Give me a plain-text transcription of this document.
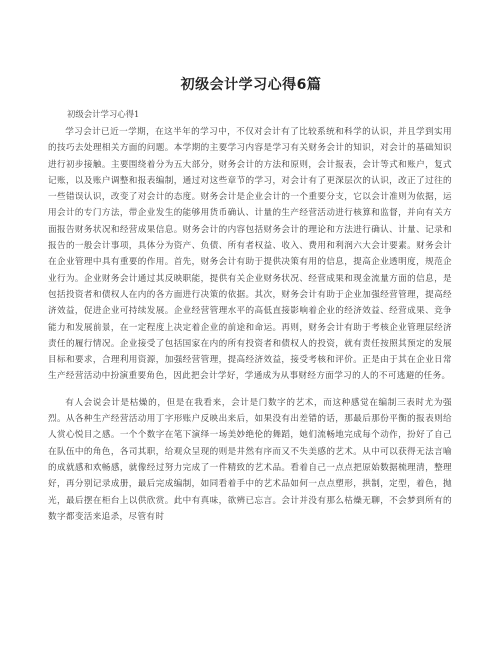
初级会计学习心得6篇
初级会计学习心得1

学习会计已近一学期，在这半年的学习中，不仅对会计有了比较系统和科学的认识，并且学到实用的技巧去处理相关方面的问题。本学期的主要学习内容是学习有关财务会计的知识，对会计的基础知识进行初步接触。主要围绕着分为五大部分，财务会计的方法和原则，会计报表，会计等式和账户，复式记账，以及账户调整和报表编制，通过对这些章节的学习，对会计有了更深层次的认识，改正了过往的一些错误认识，改变了对会计的态度。财务会计是企业会计的一个重要分支，它以会计准则为依据，运用会计的专门方法，带企业发生的能够用货币确认、计量的生产经营活动进行核算和监督，并向有关方面报告财务状况和经营成果信息。财务会计的内容包括财务会计的理论和方法进行确认、计量、记录和报告的一般会计事项，具体分为资产、负债、所有者权益、收入、费用和利润六大会计要素。财务会计在企业管理中具有重要的作用。首先，财务会计有助于提供决策有用的信息，提高企业透明度，规范企业行为。企业财务会计通过其反映职能，提供有关企业财务状况、经营成果和现金流量方面的信息，是包括投资者和债权人在内的各方面进行决策的依据。其次，财务会计有助于企业加强经营管理，提高经济效益，促进企业可持续发展。企业经营管理水平的高低直接影响着企业的经济效益、经营成果、竞争能力和发展前景，在一定程度上决定着企业的前途和命运。再则，财务会计有助于考核企业管理层经济责任的履行情况。企业接受了包括国家在内的所有投资者和债权人的投资，就有责任按照其预定的发展目标和要求，合理利用资源，加强经营管理，提高经济效益，接受考核和评价。正是由于其在企业日常生产经营活动中扮演重要角色，因此把会计学好，学通成为从事财经方面学习的人的不可逃避的任务。

有人会说会计是枯燥的，但是在我看来，会计是门数字的艺术，而这种感觉在编制三表时尤为强烈。从各种生产经营活动用丁字形账户反映出来后，如果没有出差错的话，那最后那份平衡的报表则给人赏心悦目之感。一个个数字在笔下演绎一场美妙绝伦的舞蹈，她们流畅地完成每个动作，扮好了自己在队伍中的角色，各司其职，给观众呈现的则是井然有序而又不失美感的艺术。从中可以获得无法言喻的成就感和欢畅感，就像经过努力完成了一件精致的艺术品。看着自己一点点把原始数据梳理清，整理好，再分别记录成册，最后完成编制，如同看着手中的艺术品如何一点点塑形，拱制，定型，着色，抛光，最后摆在柜台上以供欣赏。此中有真味，欲辨已忘言。会计并没有那么枯燥无聊，不会梦到所有的数字都变活来追杀，尽管有时
